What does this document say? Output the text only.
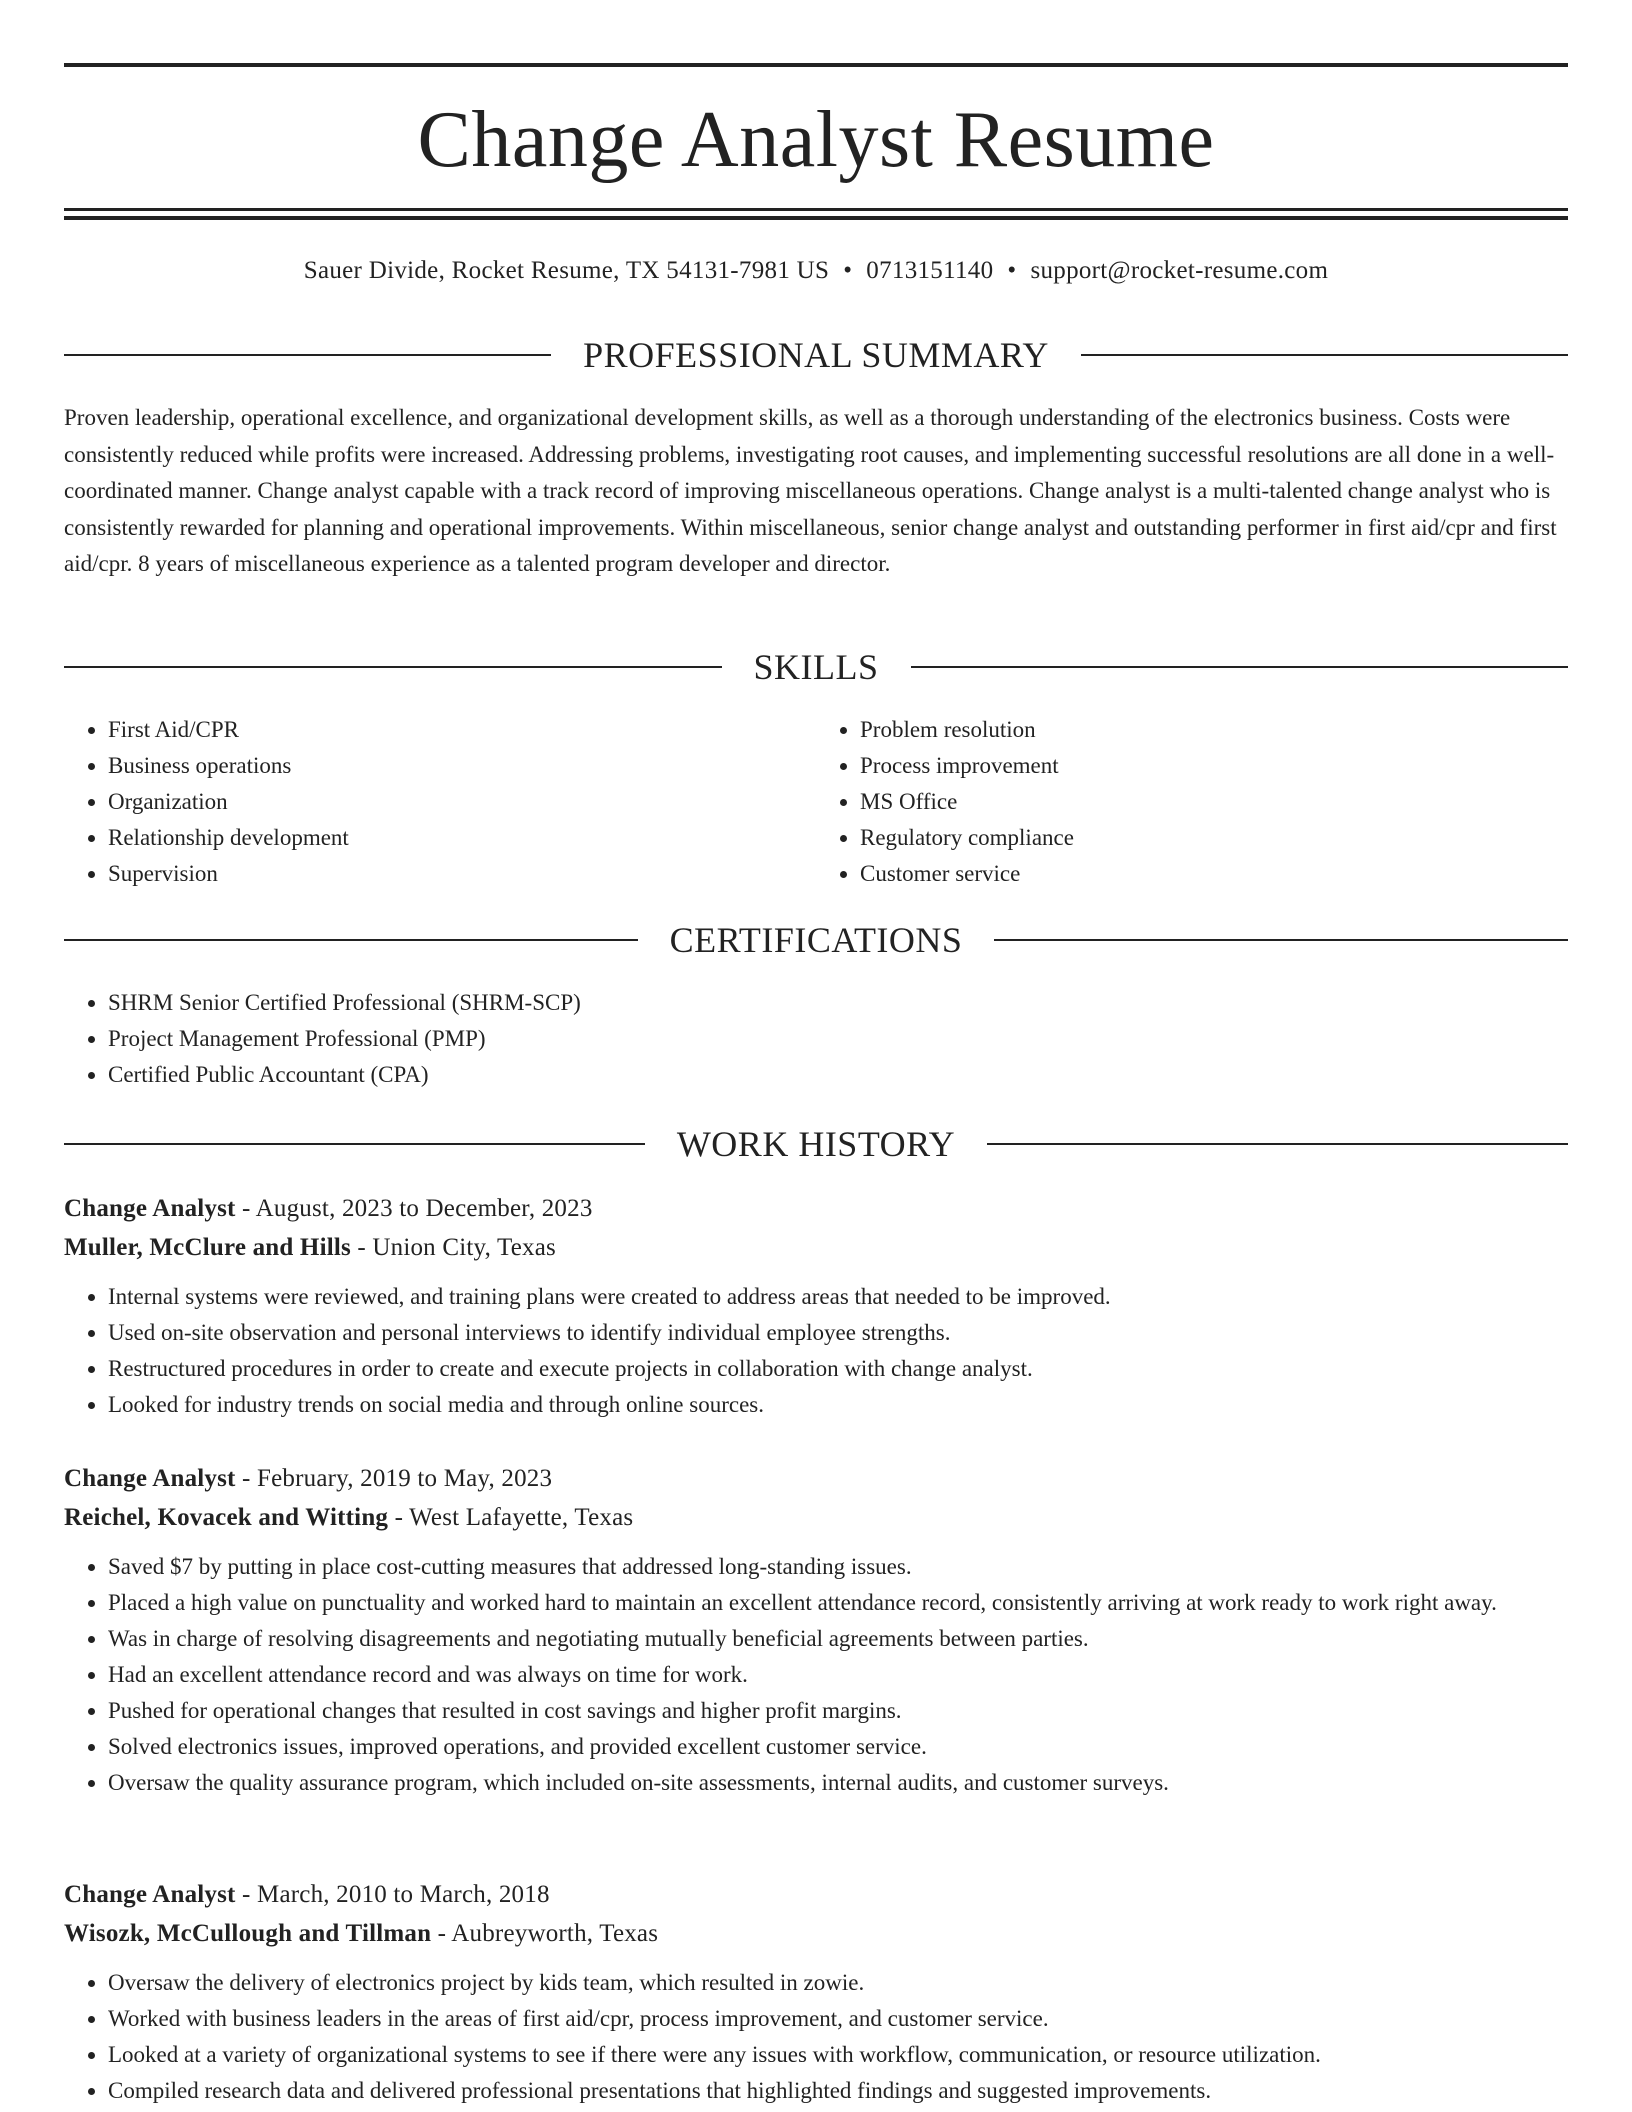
Change Analyst Resume
Sauer Divide, Rocket Resume, TX 54131-7981 US • 0713151140 • support@rocket-resume.com
PROFESSIONAL SUMMARY

Proven leadership, operational excellence, and organizational development skills, as well as a thorough understanding of the electronics business. Costs were consistently reduced while profits were increased. Addressing problems, investigating root causes, and implementing successful resolutions are all done in a well-coordinated manner. Change analyst capable with a track record of improving miscellaneous operations. Change analyst is a multi-talented change analyst who is consistently rewarded for planning and operational improvements. Within miscellaneous, senior change analyst and outstanding performer in first aid/cpr and first aid/cpr. 8 years of miscellaneous experience as a talented program developer and director.

SKILLS
• First Aid/CPR
• Business operations
• Organization
• Relationship development
• Supervision
• Problem resolution
• Process improvement
• MS Office
• Regulatory compliance
• Customer service
CERTIFICATIONS
• SHRM Senior Certified Professional (SHRM-SCP)
• Project Management Professional (PMP)
• Certified Public Accountant (CPA)
WORK HISTORY
Change Analyst - August, 2023 to December, 2023
Muller, McClure and Hills - Union City, Texas
• Internal systems were reviewed, and training plans were created to address areas that needed to be improved.
• Used on-site observation and personal interviews to identify individual employee strengths.
• Restructured procedures in order to create and execute projects in collaboration with change analyst.
• Looked for industry trends on social media and through online sources.
Change Analyst - February, 2019 to May, 2023
Reichel, Kovacek and Witting - West Lafayette, Texas
• Saved $7 by putting in place cost-cutting measures that addressed long-standing issues.
• Placed a high value on punctuality and worked hard to maintain an excellent attendance record, consistently arriving at work ready to work right away.
• Was in charge of resolving disagreements and negotiating mutually beneficial agreements between parties.
• Had an excellent attendance record and was always on time for work.
• Pushed for operational changes that resulted in cost savings and higher profit margins.
• Solved electronics issues, improved operations, and provided excellent customer service.
• Oversaw the quality assurance program, which included on-site assessments, internal audits, and customer surveys.
Change Analyst - March, 2010 to March, 2018
Wisozk, McCullough and Tillman - Aubreyworth, Texas
• Oversaw the delivery of electronics project by kids team, which resulted in zowie.
• Worked with business leaders in the areas of first aid/cpr, process improvement, and customer service.
• Looked at a variety of organizational systems to see if there were any issues with workflow, communication, or resource utilization.
• Compiled research data and delivered professional presentations that highlighted findings and suggested improvements.
